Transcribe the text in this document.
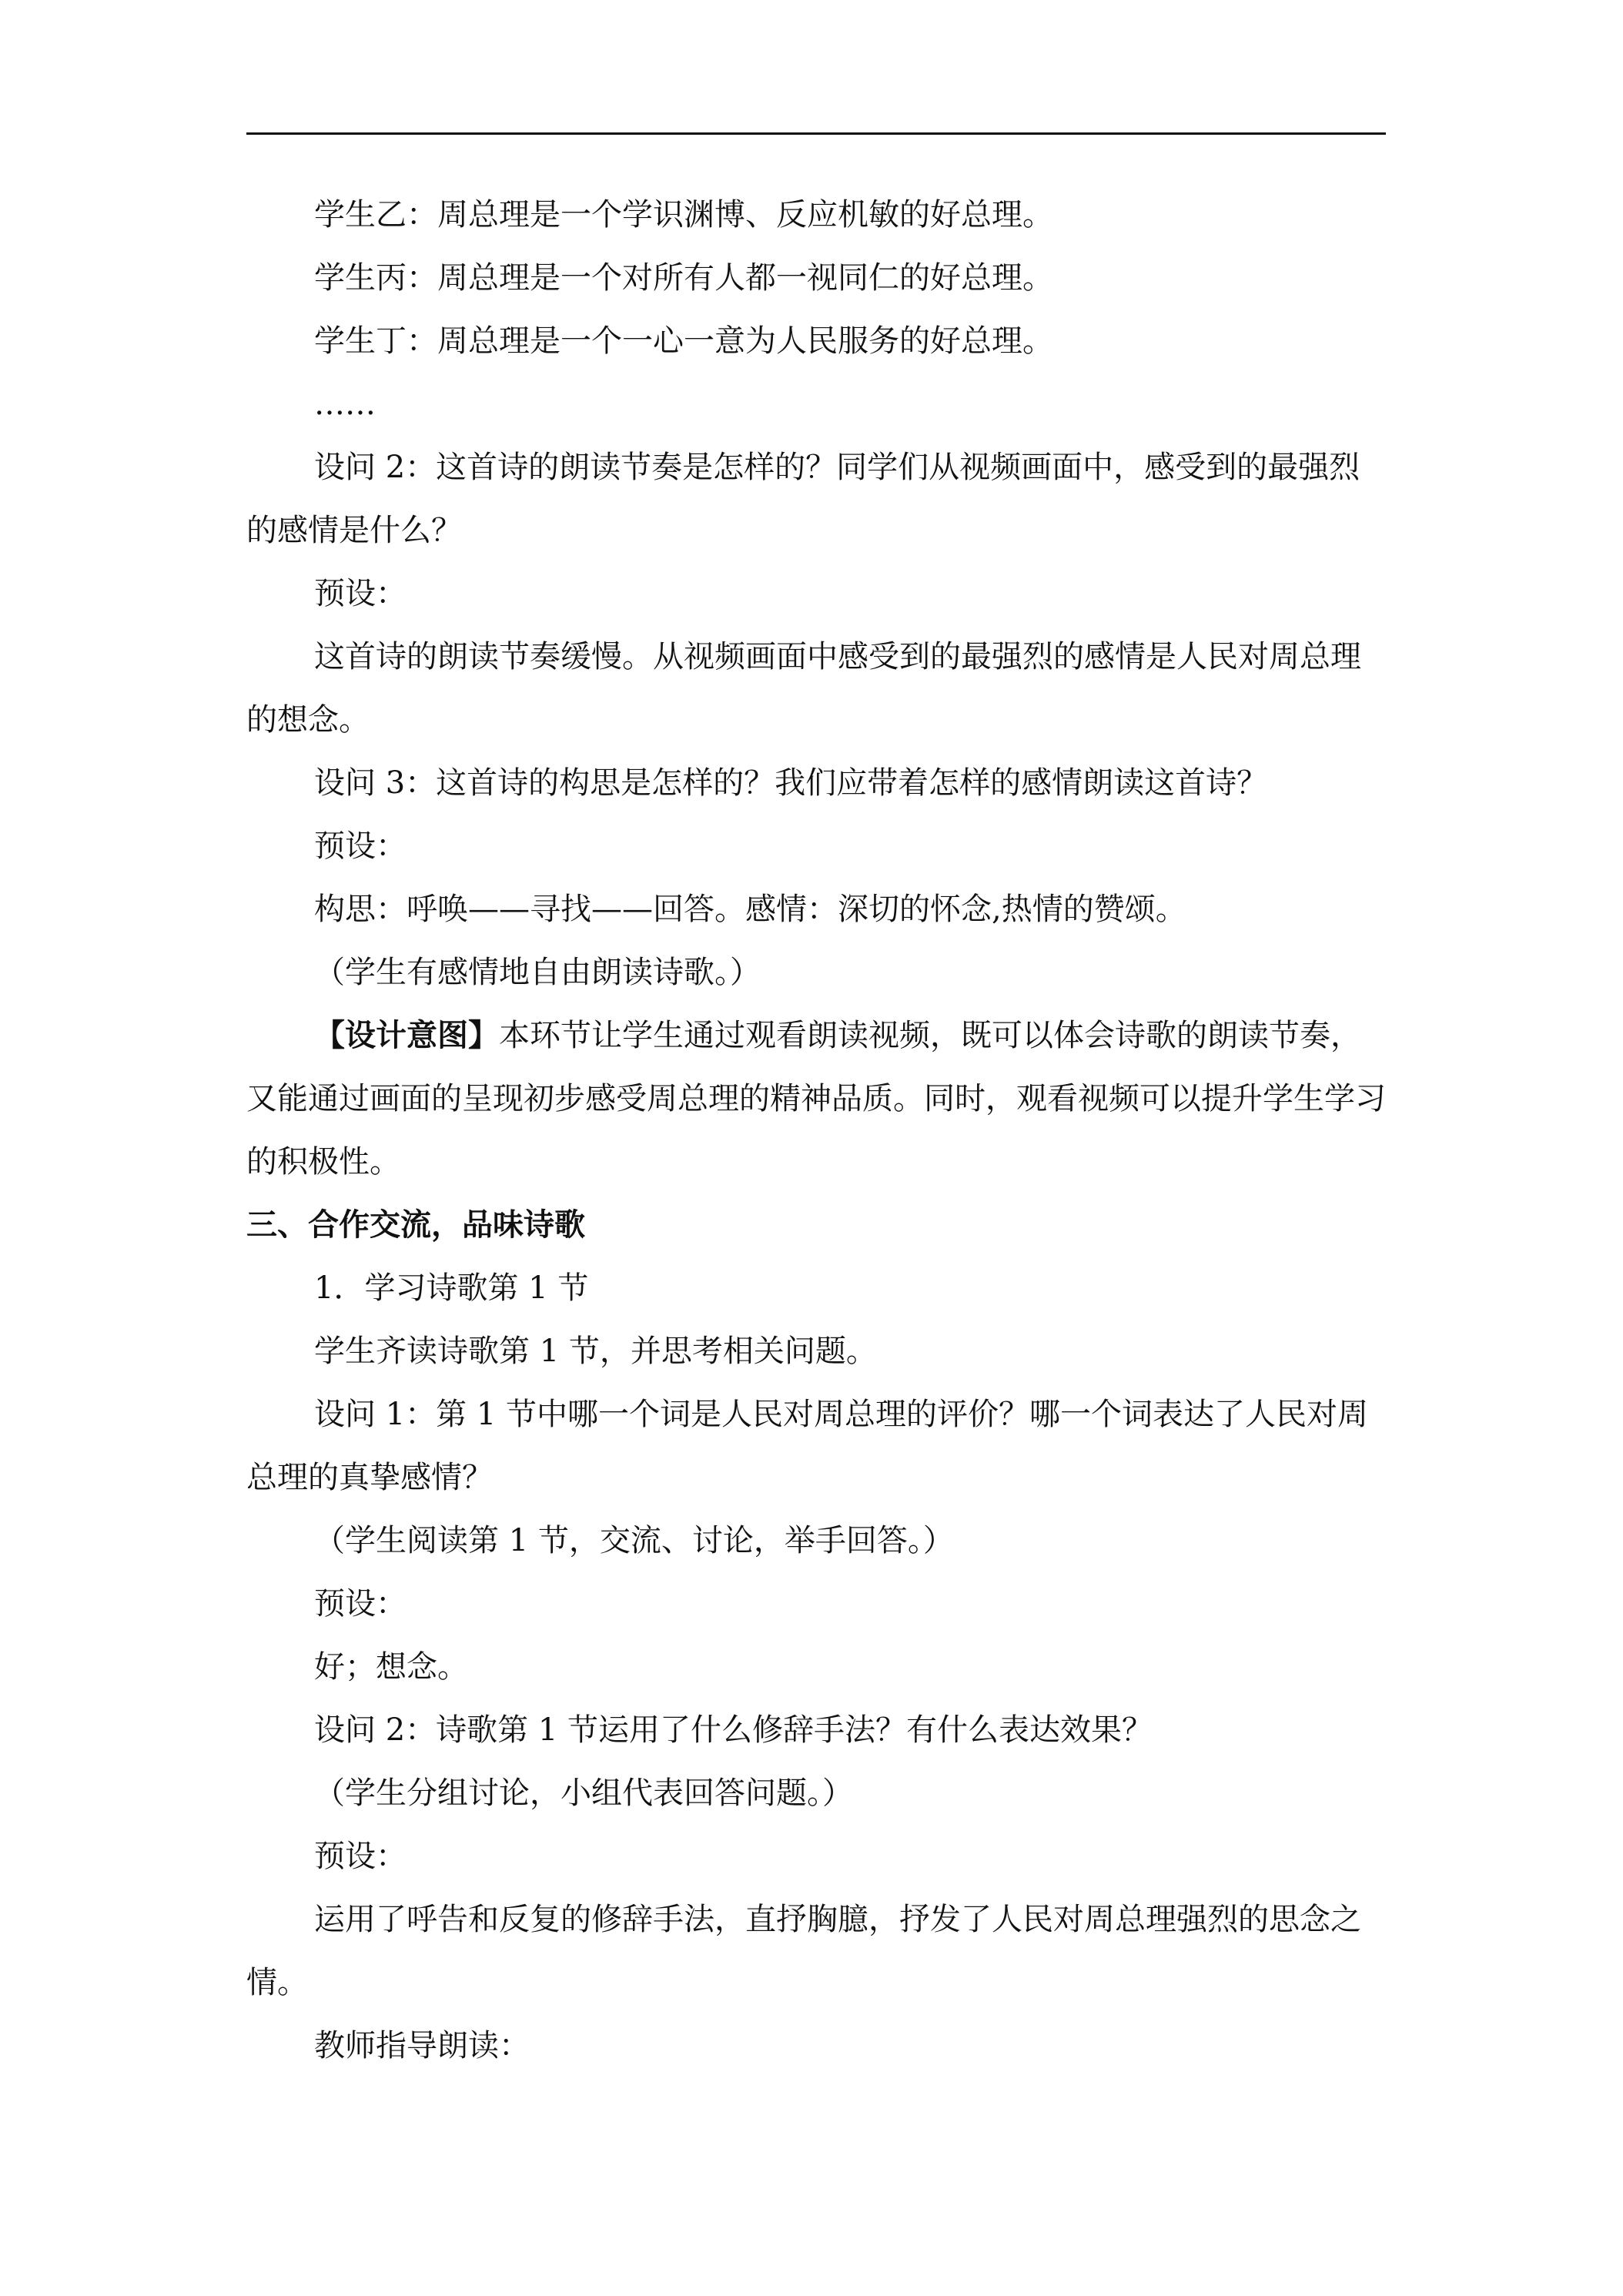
学生乙：周总理是一个学识渊博、反应机敏的好总理。

学生丙：周总理是一个对所有人都一视同仁的好总理。

学生丁：周总理是一个一心一意为人民服务的好总理。

……

设问 2：这首诗的朗读节奏是怎样的？同学们从视频画面中，感受到的最强烈的感情是什么？

预设：

这首诗的朗读节奏缓慢。从视频画面中感受到的最强烈的感情是人民对周总理的想念。

设问 3：这首诗的构思是怎样的？我们应带着怎样的感情朗读这首诗？

预设：

构思：呼唤——寻找——回答。感情：深切的怀念,热情的赞颂。

（学生有感情地自由朗读诗歌。）

【设计意图】本环节让学生通过观看朗读视频，既可以体会诗歌的朗读节奏，又能通过画面的呈现初步感受周总理的精神品质。同时，观看视频可以提升学生学习的积极性。

三、合作交流，品味诗歌

1．学习诗歌第 1 节

学生齐读诗歌第 1 节，并思考相关问题。

设问 1：第 1 节中哪一个词是人民对周总理的评价？哪一个词表达了人民对周总理的真挚感情？

（学生阅读第 1 节，交流、讨论，举手回答。）

预设：

好；想念。

设问 2：诗歌第 1 节运用了什么修辞手法？有什么表达效果？

（学生分组讨论，小组代表回答问题。）

预设：

运用了呼告和反复的修辞手法，直抒胸臆，抒发了人民对周总理强烈的思念之情。

教师指导朗读：
